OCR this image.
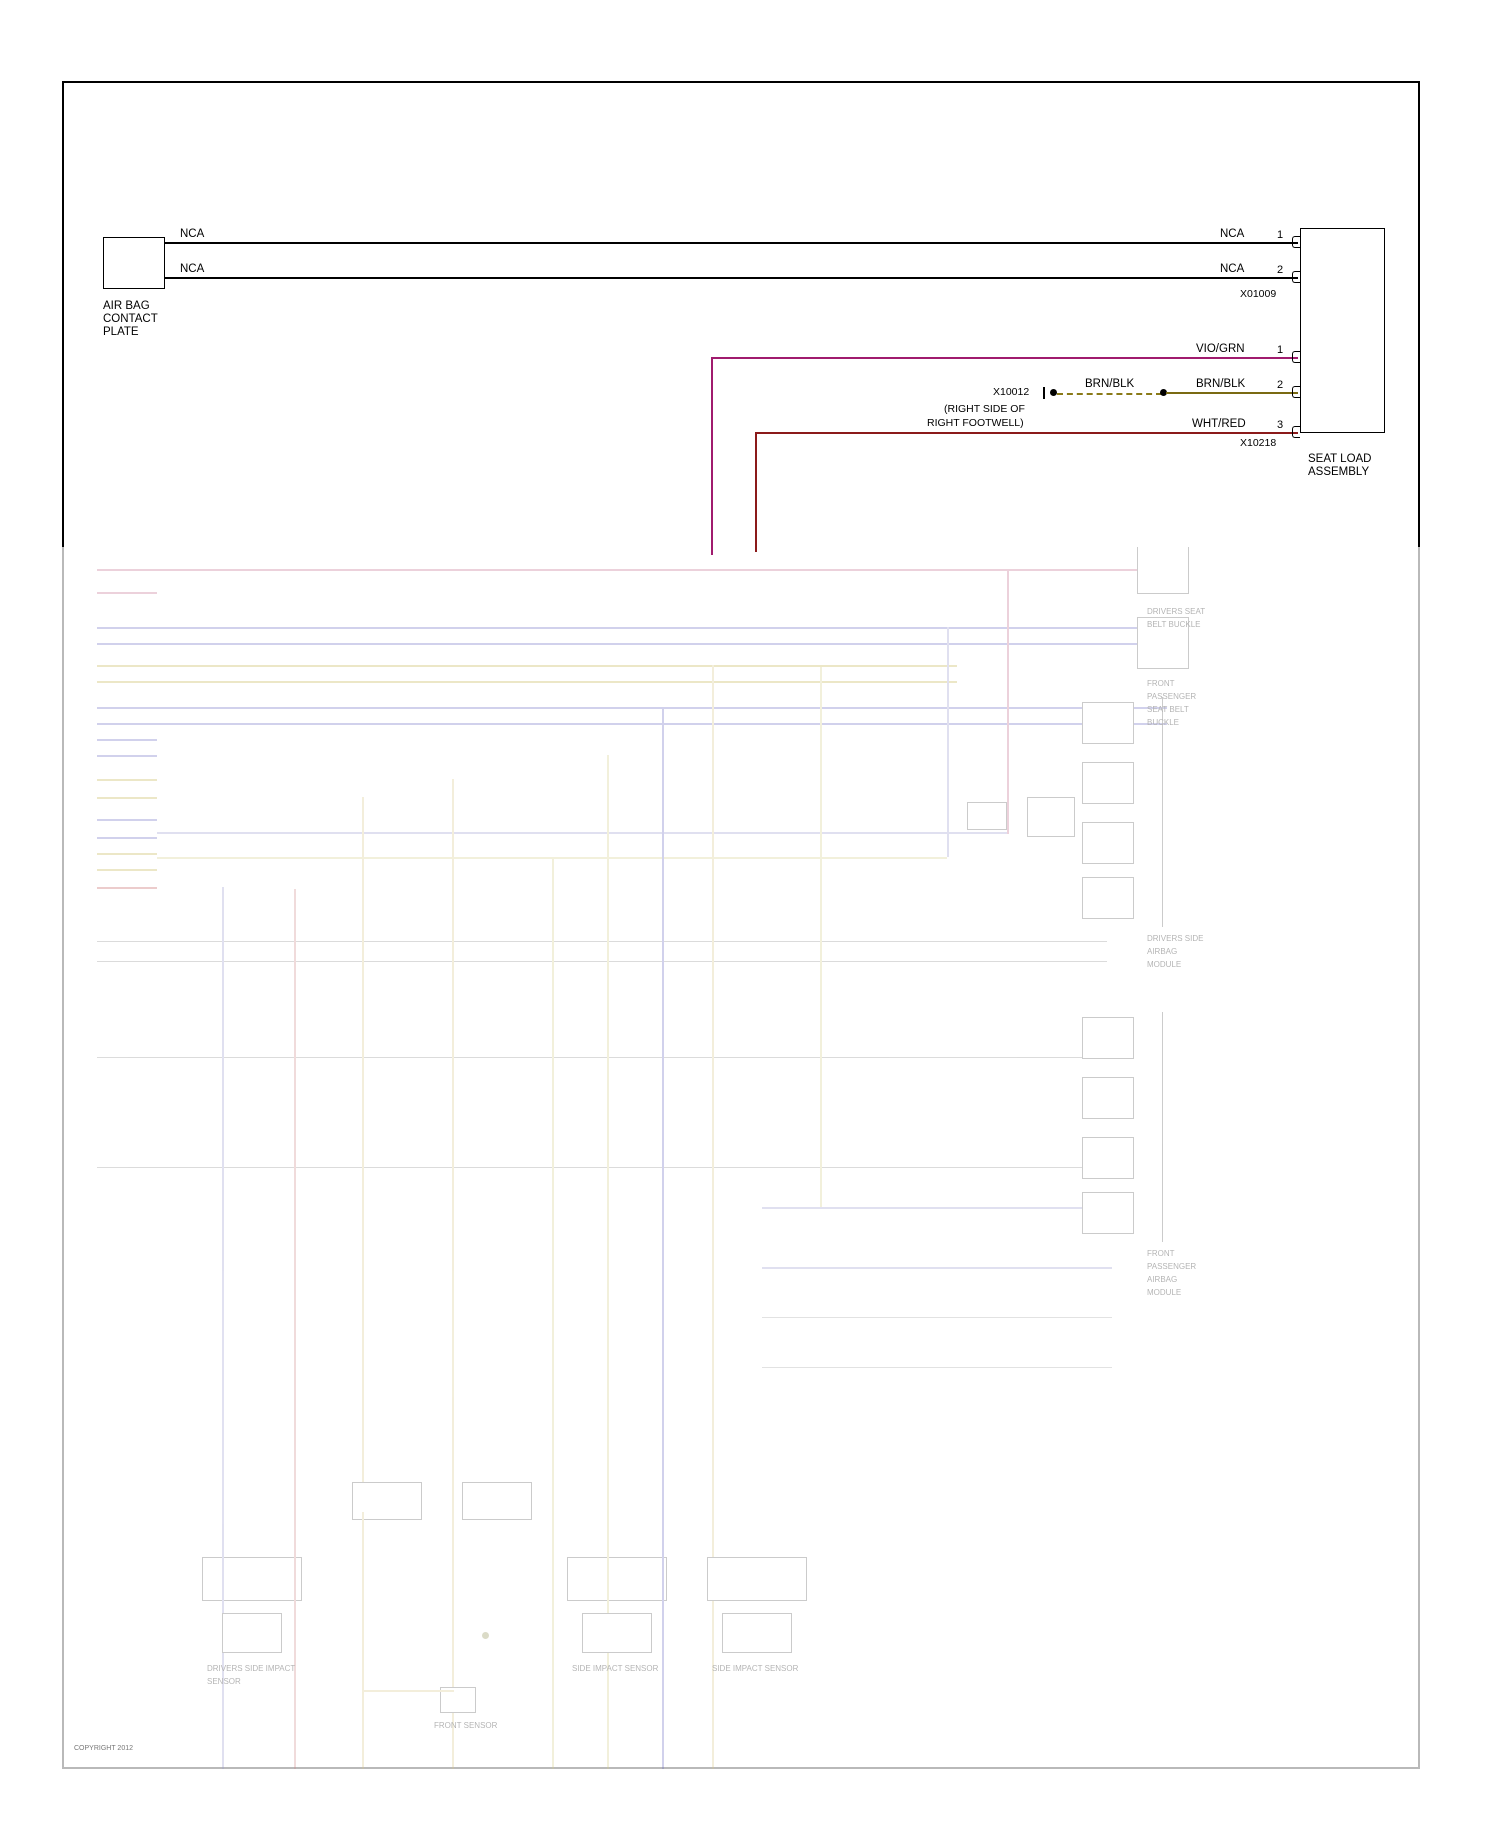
AIR BAG
CONTACT
PLATE
SEAT LOAD
ASSEMBLY
NCA	NCA	1
NCA	NCA	2
X01009
VIO/GRN	1
X10012
(RIGHT SIDE OF
RIGHT FOOTWELL)
BRN/BLK	BRN/BLK	2
WHT/RED	3
X10218
DRIVERS SEAT BELT BUCKLE
FRONT PASSENGER SEAT BELT BUCKLE
DRIVERS SIDE AIRBAG MODULE
FRONT PASSENGER AIRBAG MODULE
DRIVERS SIDE IMPACT SENSOR
FRONT SENSOR
SIDE IMPACT SENSOR	SIDE IMPACT SENSOR
COPYRIGHT 2012
